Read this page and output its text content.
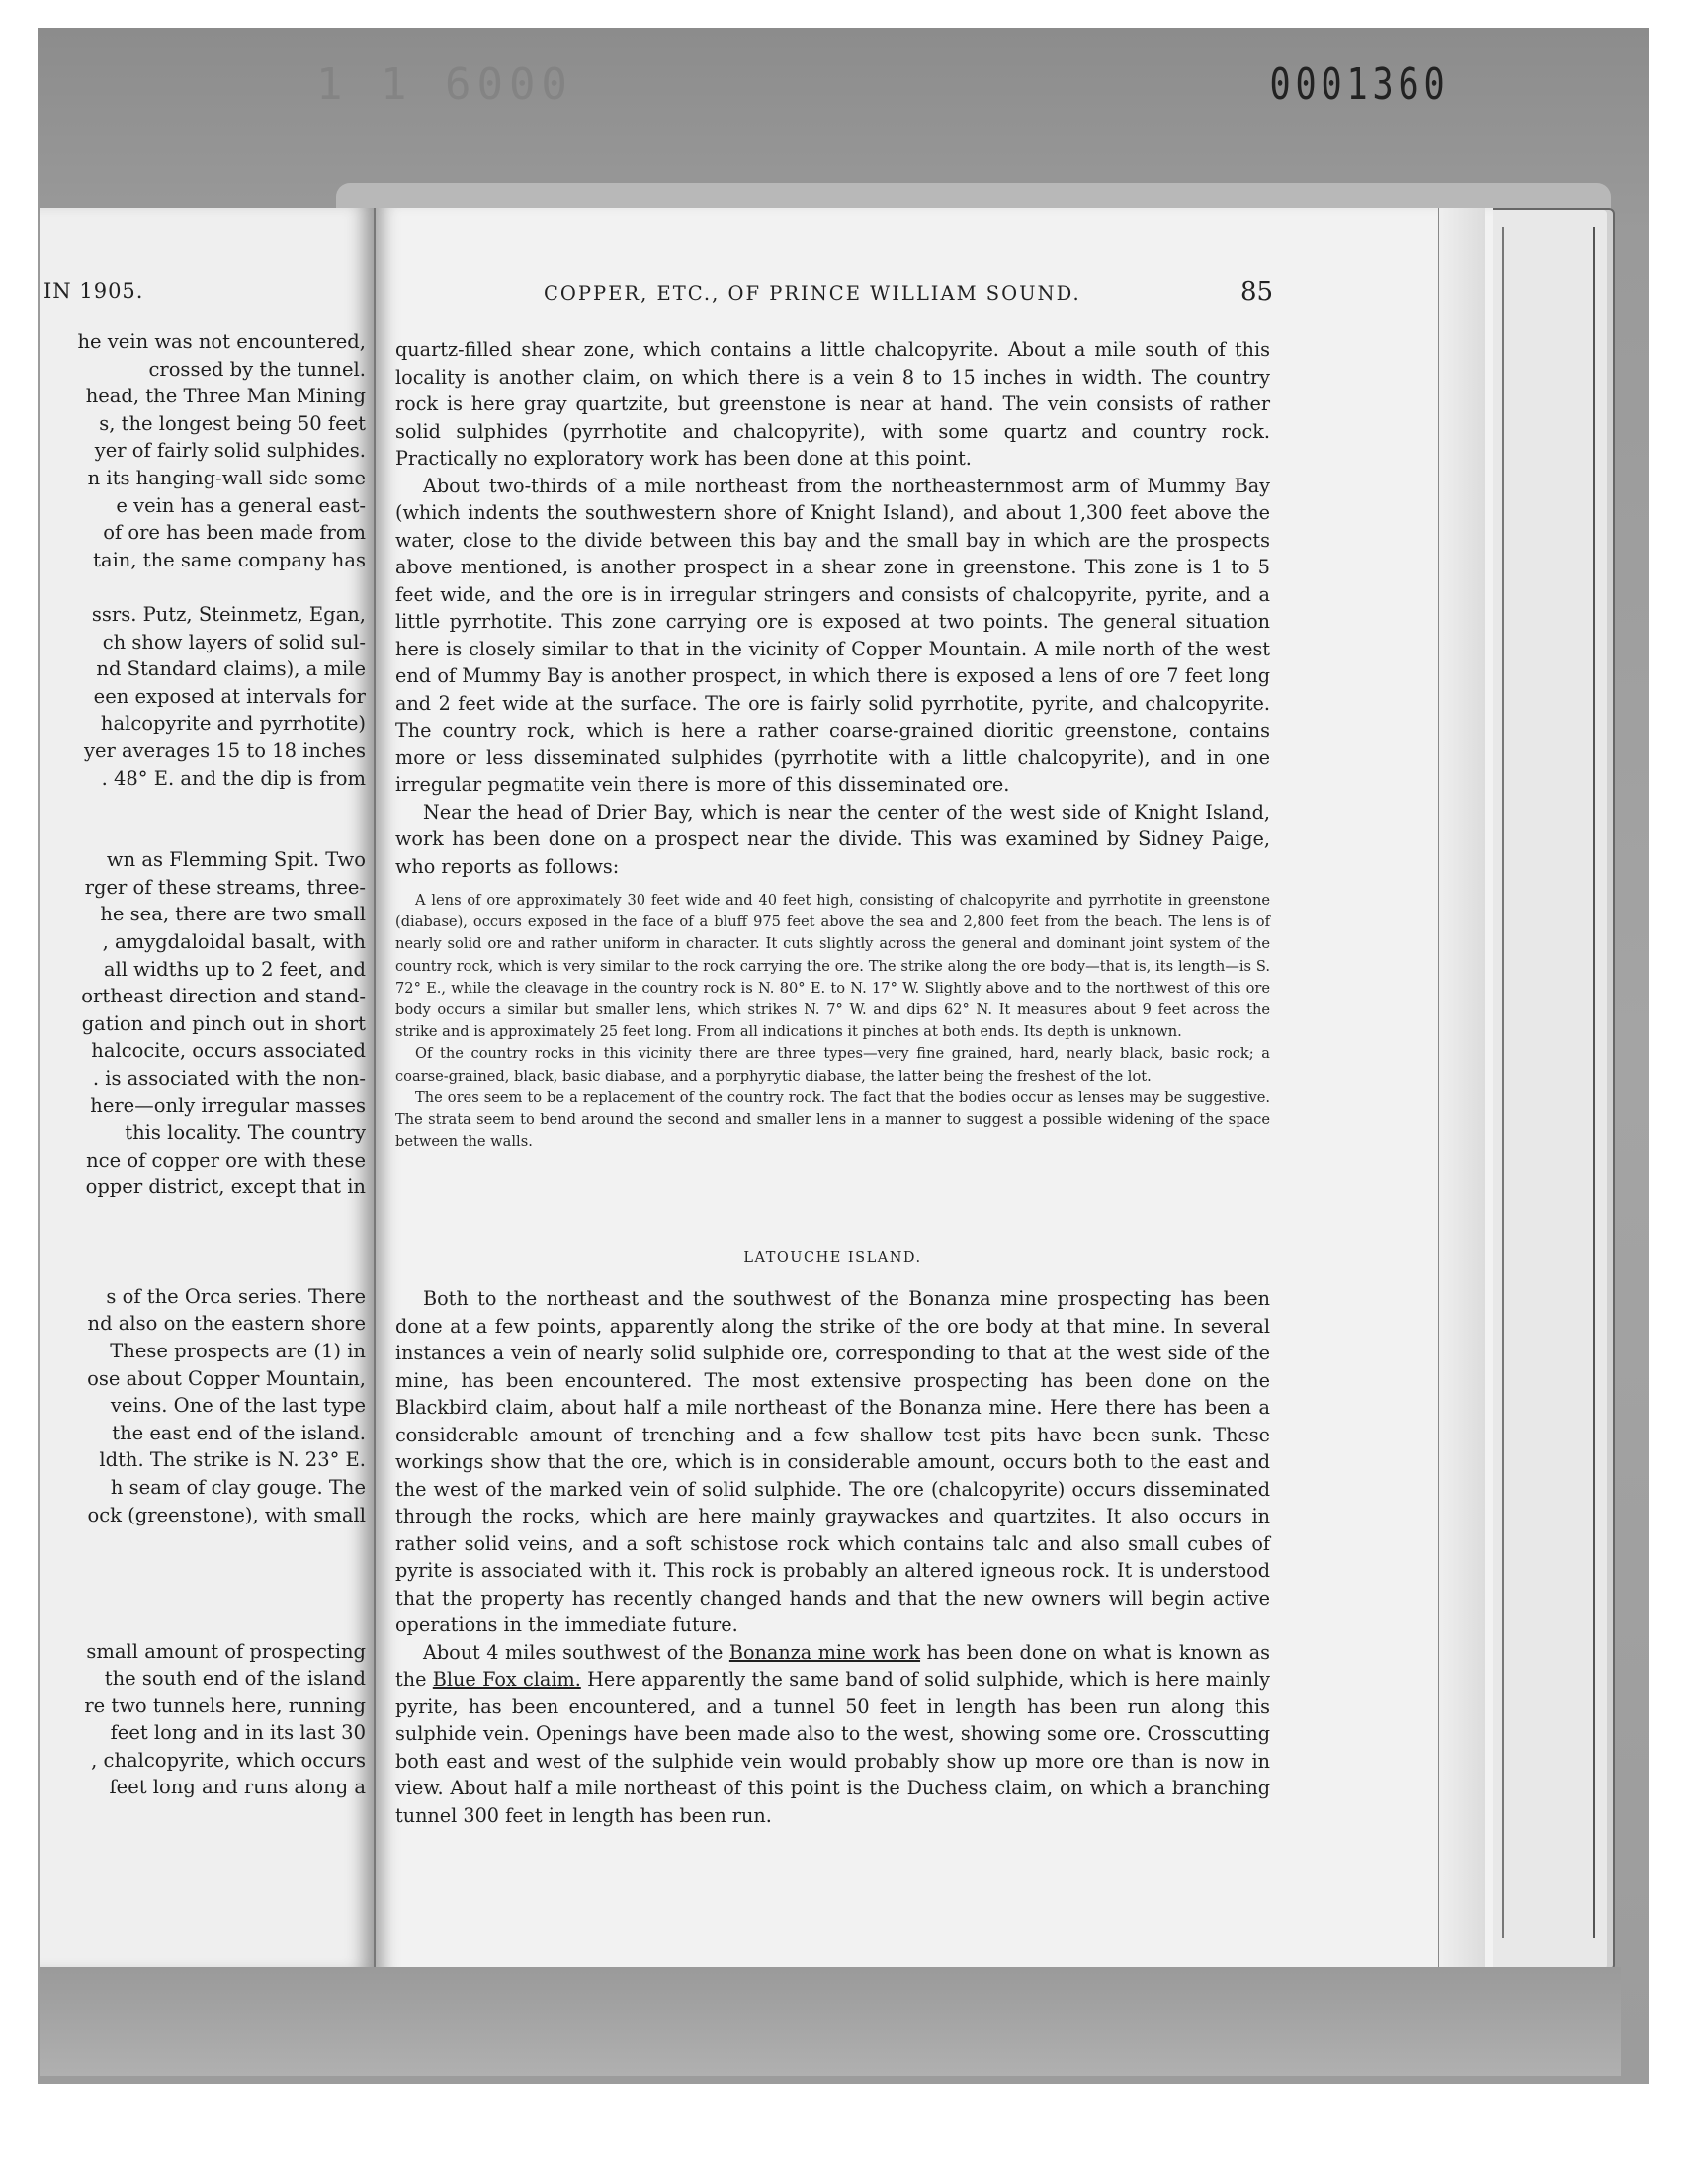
1 1 6000	0001360
IN 1905.
he vein was not encountered,
crossed by the tunnel.
head, the Three Man Mining
s, the longest being 50 feet
yer of fairly solid sulphides.
n its hanging-wall side some
e vein has a general east-
of ore has been made from
tain, the same company has
ssrs. Putz, Steinmetz, Egan,
ch show layers of solid sul-
nd Standard claims), a mile
een exposed at intervals for
halcopyrite and pyrrhotite)
yer averages 15 to 18 inches
. 48° E. and the dip is from
wn as Flemming Spit. Two
rger of these streams, three-
he sea, there are two small
, amygdaloidal basalt, with
all widths up to 2 feet, and
ortheast direction and stand-
gation and pinch out in short
halcocite, occurs associated
. is associated with the non-
here—only irregular masses
this locality. The country
nce of copper ore with these
opper district, except that in
s of the Orca series. There
nd also on the eastern shore
These prospects are (1) in
ose about Copper Mountain,
veins. One of the last type
the east end of the island.
ldth. The strike is N. 23° E.
h seam of clay gouge. The
ock (greenstone), with small
small amount of prospecting
the south end of the island
re two tunnels here, running
feet long and in its last 30
, chalcopyrite, which occurs
feet long and runs along a
COPPER, ETC., OF PRINCE WILLIAM SOUND.	85

quartz-filled shear zone, which contains a little chalcopyrite. About a mile south of this locality is another claim, on which there is a vein 8 to 15 inches in width. The country rock is here gray quartzite, but greenstone is near at hand. The vein consists of rather solid sulphides (pyrrhotite and chalcopyrite), with some quartz and country rock. Practically no exploratory work has been done at this point.

About two-thirds of a mile northeast from the northeasternmost arm of Mummy Bay (which indents the southwestern shore of Knight Island), and about 1,300 feet above the water, close to the divide between this bay and the small bay in which are the prospects above mentioned, is another prospect in a shear zone in greenstone. This zone is 1 to 5 feet wide, and the ore is in irregular stringers and consists of chalcopyrite, pyrite, and a little pyrrhotite. This zone carrying ore is exposed at two points. The general situation here is closely similar to that in the vicinity of Copper Mountain. A mile north of the west end of Mummy Bay is another prospect, in which there is exposed a lens of ore 7 feet long and 2 feet wide at the surface. The ore is fairly solid pyrrhotite, pyrite, and chalcopyrite. The country rock, which is here a rather coarse-grained dioritic greenstone, contains more or less disseminated sulphides (pyrrhotite with a little chalcopyrite), and in one irregular pegmatite vein there is more of this disseminated ore.

Near the head of Drier Bay, which is near the center of the west side of Knight Island, work has been done on a prospect near the divide. This was examined by Sidney Paige, who reports as follows:

A lens of ore approximately 30 feet wide and 40 feet high, consisting of chalcopyrite and pyrrhotite in greenstone (diabase), occurs exposed in the face of a bluff 975 feet above the sea and 2,800 feet from the beach. The lens is of nearly solid ore and rather uniform in character. It cuts slightly across the general and dominant joint system of the country rock, which is very similar to the rock carrying the ore. The strike along the ore body—that is, its length—is S. 72° E., while the cleavage in the country rock is N. 80° E. to N. 17° W. Slightly above and to the northwest of this ore body occurs a similar but smaller lens, which strikes N. 7° W. and dips 62° N. It measures about 9 feet across the strike and is approximately 25 feet long. From all indications it pinches at both ends. Its depth is unknown.

Of the country rocks in this vicinity there are three types—very fine grained, hard, nearly black, basic rock; a coarse-grained, black, basic diabase, and a porphyrytic diabase, the latter being the freshest of the lot.

The ores seem to be a replacement of the country rock. The fact that the bodies occur as lenses may be suggestive. The strata seem to bend around the second and smaller lens in a manner to suggest a possible widening of the space between the walls.

LATOUCHE ISLAND.

Both to the northeast and the southwest of the Bonanza mine prospecting has been done at a few points, apparently along the strike of the ore body at that mine. In several instances a vein of nearly solid sulphide ore, corresponding to that at the west side of the mine, has been encountered. The most extensive prospecting has been done on the Blackbird claim, about half a mile northeast of the Bonanza mine. Here there has been a considerable amount of trenching and a few shallow test pits have been sunk. These workings show that the ore, which is in considerable amount, occurs both to the east and the west of the marked vein of solid sulphide. The ore (chalcopyrite) occurs disseminated through the rocks, which are here mainly graywackes and quartzites. It also occurs in rather solid veins, and a soft schistose rock which contains talc and also small cubes of pyrite is associated with it. This rock is probably an altered igneous rock. It is understood that the property has recently changed hands and that the new owners will begin active operations in the immediate future.

About 4 miles southwest of the Bonanza mine work has been done on what is known as the Blue Fox claim. Here apparently the same band of solid sulphide, which is here mainly pyrite, has been encountered, and a tunnel 50 feet in length has been run along this sulphide vein. Openings have been made also to the west, showing some ore. Crosscutting both east and west of the sulphide vein would probably show up more ore than is now in view. About half a mile northeast of this point is the Duchess claim, on which a branching tunnel 300 feet in length has been run.
